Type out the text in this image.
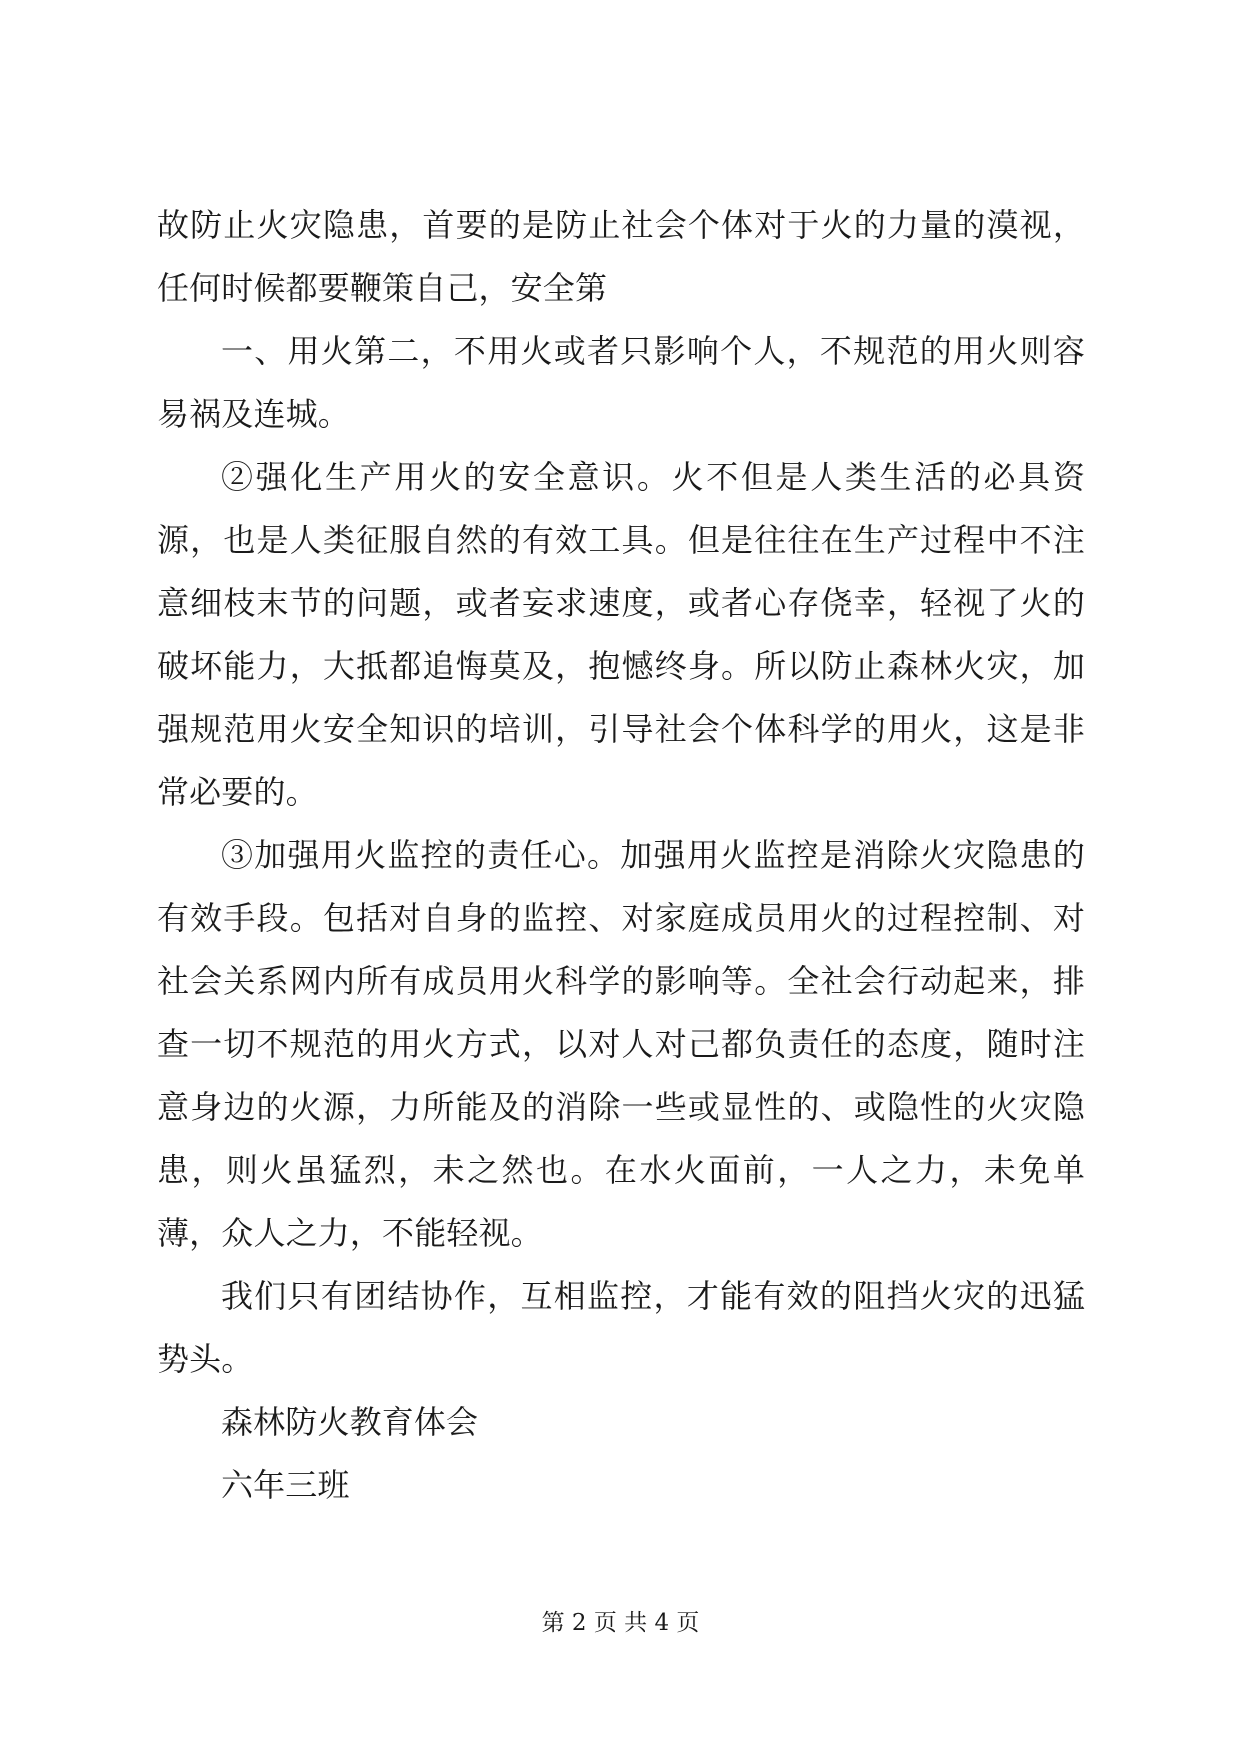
故防止火灾隐患，首要的是防止社会个体对于火的力量的漠视，任何时候都要鞭策自己，安全第

一、用火第二，不用火或者只影响个人，不规范的用火则容易祸及连城。

②强化生产用火的安全意识。火不但是人类生活的必具资源，也是人类征服自然的有效工具。但是往往在生产过程中不注意细枝末节的问题，或者妄求速度，或者心存侥幸，轻视了火的破坏能力，大抵都追悔莫及，抱憾终身。所以防止森林火灾，加强规范用火安全知识的培训，引导社会个体科学的用火，这是非常必要的。

③加强用火监控的责任心。加强用火监控是消除火灾隐患的有效手段。包括对自身的监控、对家庭成员用火的过程控制、对社会关系网内所有成员用火科学的影响等。全社会行动起来，排查一切不规范的用火方式，以对人对己都负责任的态度，随时注意身边的火源，力所能及的消除一些或显性的、或隐性的火灾隐患，则火虽猛烈，未之然也。在水火面前，一人之力，未免单薄，众人之力，不能轻视。

我们只有团结协作，互相监控，才能有效的阻挡火灾的迅猛势头。

森林防火教育体会

六年三班

第 2 页 共 4 页
